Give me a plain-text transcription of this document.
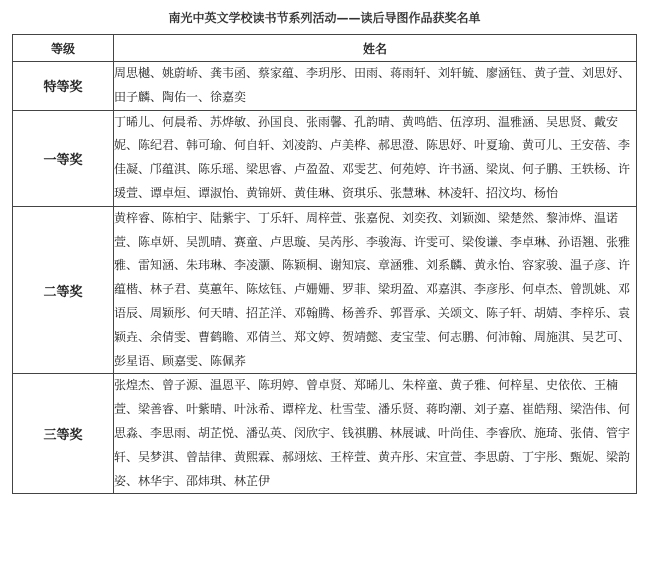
南光中英文学校读书节系列活动——读后导图作品获奖名单
等级	姓名
特等奖	周思樾、姚蔚峤、龚韦函、蔡家蕴、李玥彤、田雨、蒋雨轩、刘轩毓、廖涵钰、黄子萱、刘思妤、田子麟、陶佑一、徐嘉奕
一等奖	丁晞儿、何晨希、苏烨敏、孙国良、张雨馨、孔韵晴、黄鸣皓、伍淳玥、温雅涵、吴思贤、戴安妮、陈纪君、韩可瑜、何自轩、刘凌韵、卢美桦、郝思澄、陈思妤、叶夏瑜、黄可儿、王安蓓、李佳凝、邝蕴淇、陈乐瑶、梁思睿、卢盈盈、邓雯艺、何苑婷、许书涵、梁岚、何子鹏、王轶杨、许瑗萱、谭卓烜、谭淑怡、黄锦妍、黄佳琳、资琪乐、张慧琳、林凌轩、招汶均、杨怡
二等奖	黄梓睿、陈柏宇、陆紫宇、丁乐轩、周梓萱、张嘉倪、刘奕孜、刘颖洳、梁楚然、黎沛烨、温诺萱、陈卓妍、吴凯晴、赛童、卢思璇、吴芮彤、李骏海、许雯可、梁俊谦、李卓琳、孙语翘、张雅雅、雷知涵、朱玮琳、李凌灏、陈颖桐、谢知宸、章涵雅、刘系麟、黄永怡、容家骏、温子彦、许蕴楷、林子君、莫蕙年、陈炫钰、卢姗姗、罗菲、梁玥盈、邓嘉淇、李彦彤、何卓杰、曾凯姚、邓语辰、周颖彤、何天晴、招芷洋、邓翰腾、杨善乔、郭晋承、关颂文、陈子轩、胡婧、李梓乐、袁颖垚、余倩雯、曹鹤瞻、邓倩兰、郑文婷、贺靖懿、麦宝莹、何志鹏、何沛翰、周施淇、吴艺可、彭星语、顾嘉雯、陈佩荞
三等奖	张煌杰、曾子源、温恩平、陈玥婷、曾卓贤、郑晞儿、朱梓童、黄子雅、何梓星、史依依、王楠萱、梁善睿、叶紫晴、叶泳希、谭梓龙、杜雪莹、潘乐贤、蒋昀潮、刘子嘉、崔皓翔、梁浩伟、何思淼、李思雨、胡芷悦、潘弘英、闵欣宇、钱祺鹏、林展诚、叶尚佳、李睿欣、施琦、张倩、管宇轩、吴梦淇、曾喆律、黄熙霖、郝翊炫、王梓萱、黄卉彤、宋宣萱、李思蔚、丁宇彤、甄妮、梁韵姿、林华宇、邵炜琪、林芷伊
